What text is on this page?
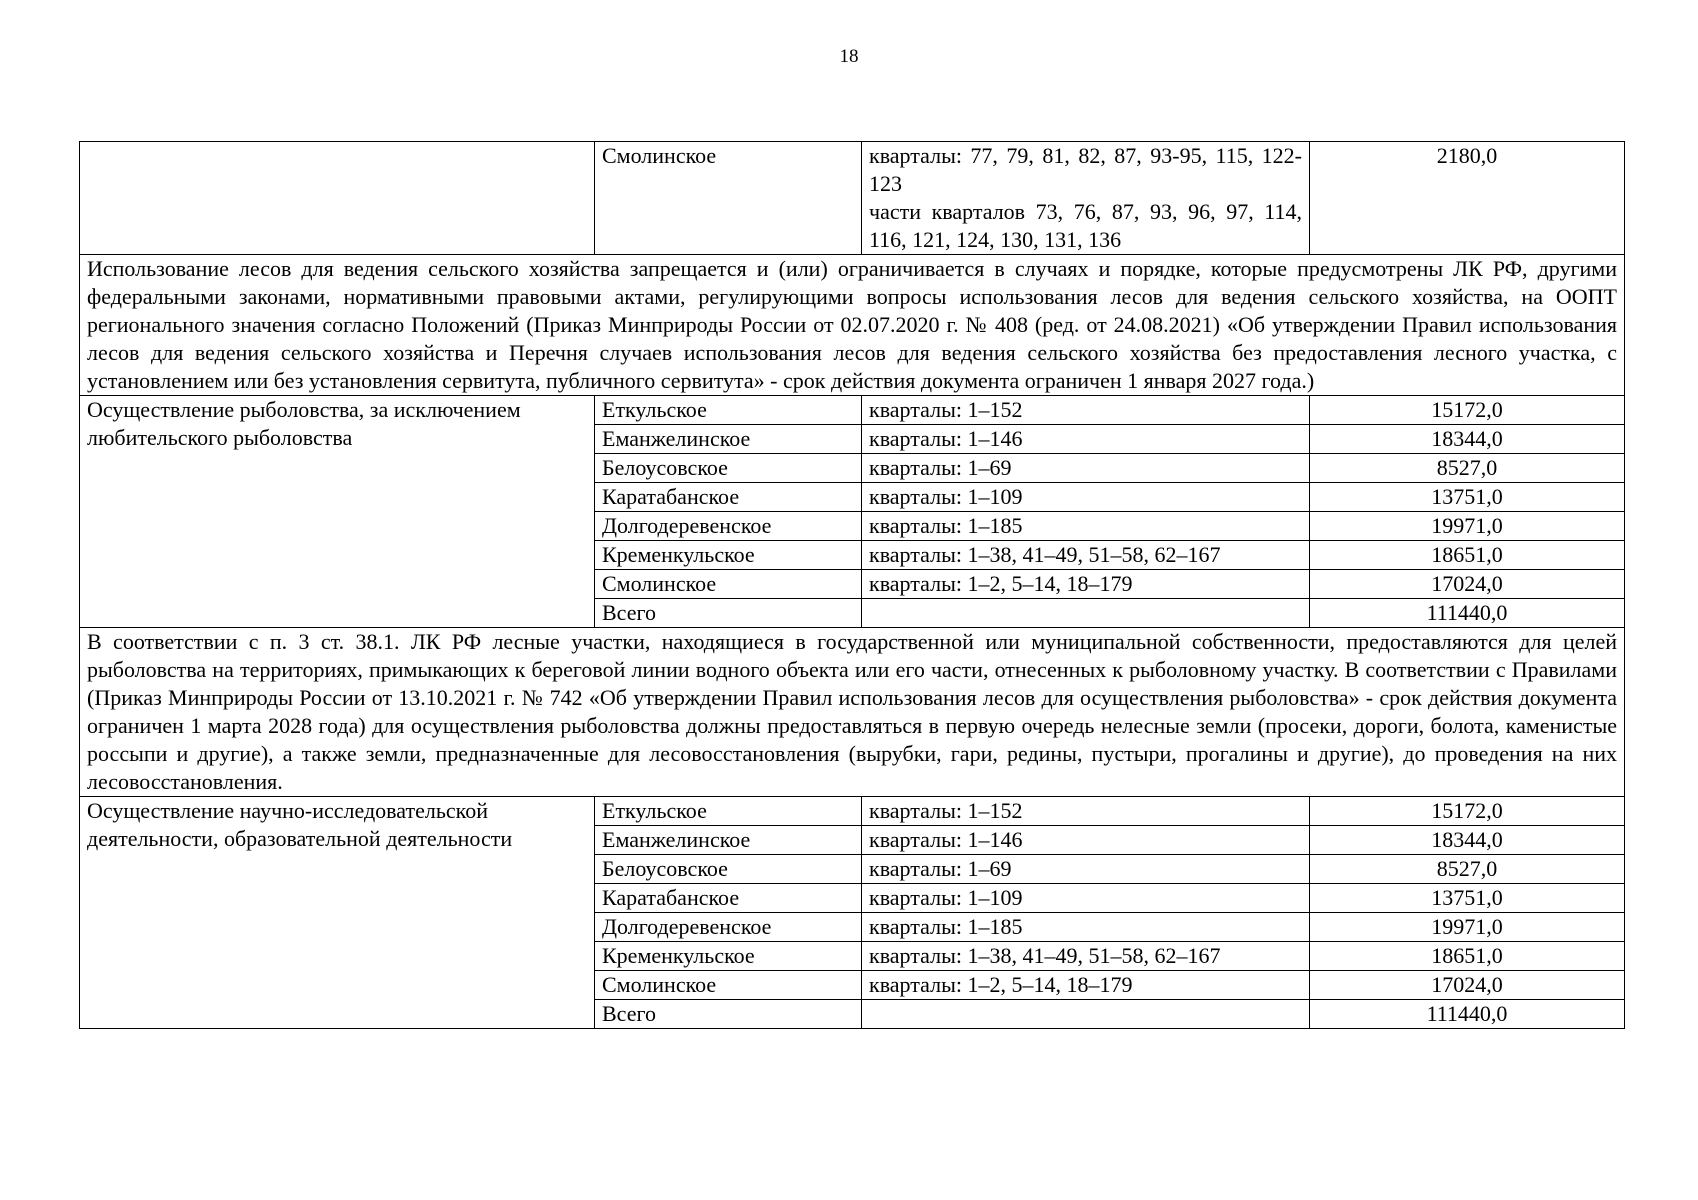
18
	Смолинское	кварталы: 77, 79, 81, 82, 87, 93-95, 115, 122-123
части кварталов 73, 76, 87, 93, 96, 97, 114, 116, 121, 124, 130, 131, 136	2180,0

Использование лесов для ведения сельского хозяйства запрещается и (или) ограничивается в случаях и порядке, которые предусмотрены ЛК РФ, другими федеральными законами, нормативными правовыми актами, регулирующими вопросы использования лесов для ведения сельского хозяйства, на ООПТ регионального значения согласно Положений (Приказ Минприроды России от 02.07.2020 г. № 408 (ред. от 24.08.2021) «Об утверждении Правил использования лесов для ведения сельского хозяйства и Перечня случаев использования лесов для ведения сельского хозяйства без предоставления лесного участка, с установлением или без установления сервитута, публичного сервитута» - срок действия документа ограничен 1 января 2027 года.)			

Осуществление рыболовства, за исключением любительского рыболовства	Еткульское	кварталы: 1–152	15172,0
	Еманжелинское	кварталы: 1–146	18344,0
	Белоусовское	кварталы: 1–69	8527,0
	Каратабанское	кварталы: 1–109	13751,0
	Долгодеревенское	кварталы: 1–185	19971,0
	Кременкульское	кварталы: 1–38, 41–49, 51–58, 62–167	18651,0
	Смолинское	кварталы: 1–2, 5–14, 18–179	17024,0
	Всего		111440,0

В соответствии с п. 3 ст. 38.1. ЛК РФ лесные участки, находящиеся в государственной или муниципальной собственности, предоставляются для целей рыболовства на территориях, примыкающих к береговой линии водного объекта или его части, отнесенных к рыболовному участку. В соответствии с Правилами (Приказ Минприроды России от 13.10.2021 г. № 742 «Об утверждении Правил использования лесов для осуществления рыболовства» - срок действия документа ограничен 1 марта 2028 года) для осуществления рыболовства должны предоставляться в первую очередь нелесные земли (просеки, дороги, болота, каменистые россыпи и другие), а также земли, предназначенные для лесовосстановления (вырубки, гари, редины, пустыри, прогалины и другие), до проведения на них лесовосстановления.			

Осуществление научно-исследовательской деятельности, образовательной деятельности	Еткульское	кварталы: 1–152	15172,0
	Еманжелинское	кварталы: 1–146	18344,0
	Белоусовское	кварталы: 1–69	8527,0
	Каратабанское	кварталы: 1–109	13751,0
	Долгодеревенское	кварталы: 1–185	19971,0
	Кременкульское	кварталы: 1–38, 41–49, 51–58, 62–167	18651,0
	Смолинское	кварталы: 1–2, 5–14, 18–179	17024,0
	Всего		111440,0
